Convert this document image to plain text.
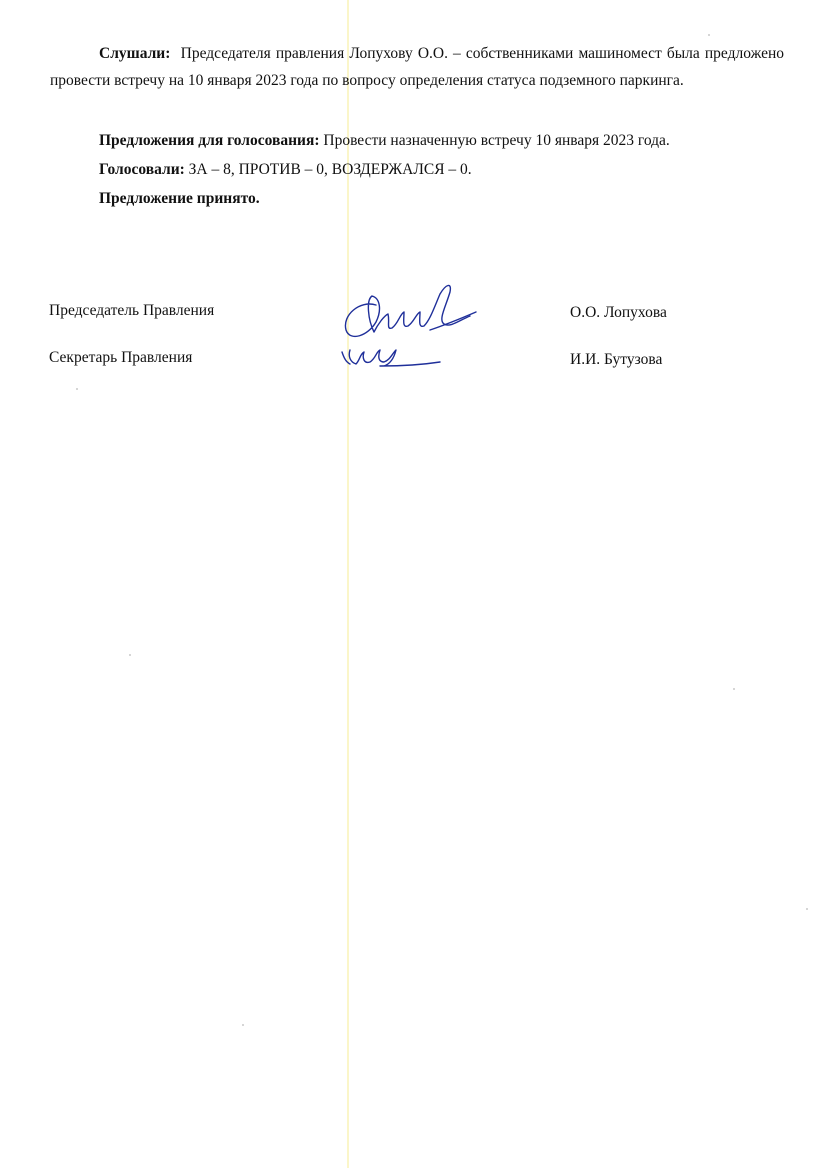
Слушали: Председателя правления Лопухову О.О. – собственниками машиномест была предложено провести встречу на 10 января 2023 года по вопросу определения статуса подземного паркинга.
Предложения для голосования: Провести назначенную встречу 10 января 2023 года.
Голосовали: ЗА – 8, ПРОТИВ – 0, ВОЗДЕРЖАЛСЯ – 0.
Предложение принято.
Председатель Правления
Секретарь Правления
О.О. Лопухова
И.И. Бутузова
